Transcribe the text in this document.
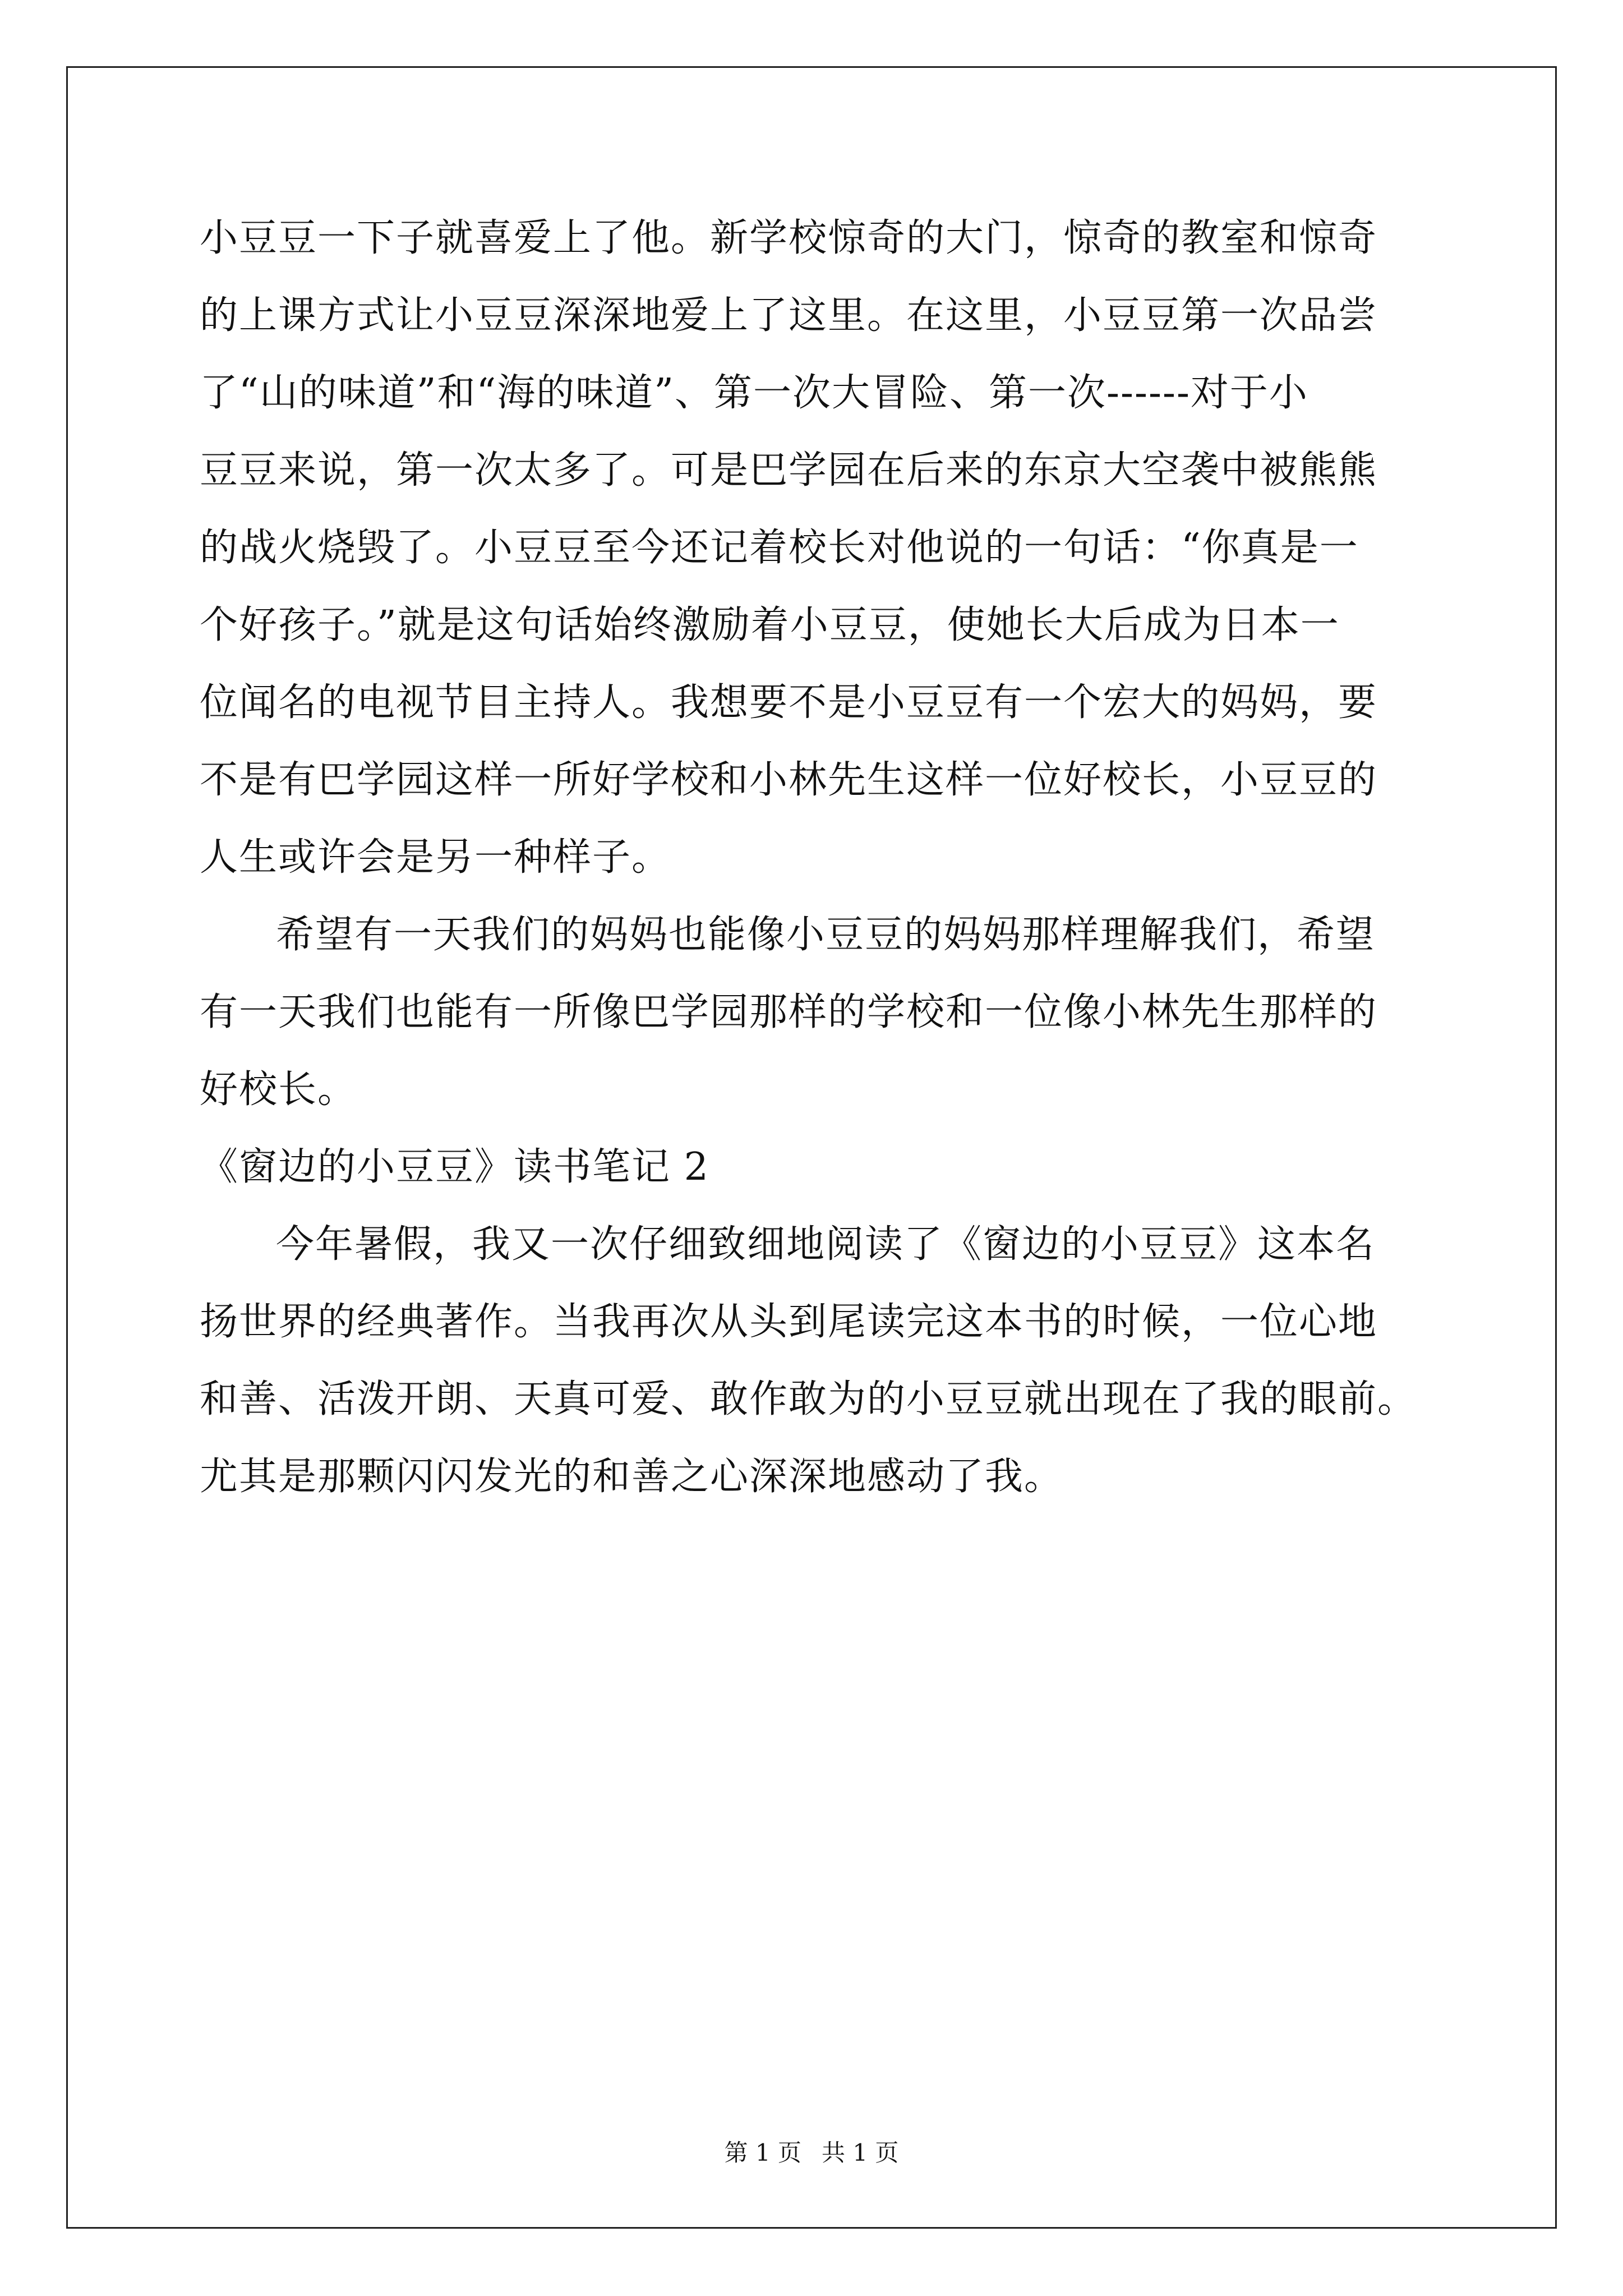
小豆豆一下子就喜爱上了他。新学校惊奇的大门，惊奇的教室和惊奇
的上课方式让小豆豆深深地爱上了这里。在这里，小豆豆第一次品尝
了“山的味道”和“海的味道”、第一次大冒险、第一次------对于小
豆豆来说，第一次太多了。可是巴学园在后来的东京大空袭中被熊熊
的战火烧毁了。小豆豆至今还记着校长对他说的一句话：“你真是一
个好孩子。”就是这句话始终激励着小豆豆，使她长大后成为日本一
位闻名的电视节目主持人。我想要不是小豆豆有一个宏大的妈妈，要
不是有巴学园这样一所好学校和小林先生这样一位好校长，小豆豆的
人生或许会是另一种样子。
希望有一天我们的妈妈也能像小豆豆的妈妈那样理解我们，希望
有一天我们也能有一所像巴学园那样的学校和一位像小林先生那样的
好校长。
《窗边的小豆豆》读书笔记 2
今年暑假，我又一次仔细致细地阅读了《窗边的小豆豆》这本名
扬世界的经典著作。当我再次从头到尾读完这本书的时候，一位心地
和善、活泼开朗、天真可爱、敢作敢为的小豆豆就出现在了我的眼前。
尤其是那颗闪闪发光的和善之心深深地感动了我。
第 1 页 共 1 页
